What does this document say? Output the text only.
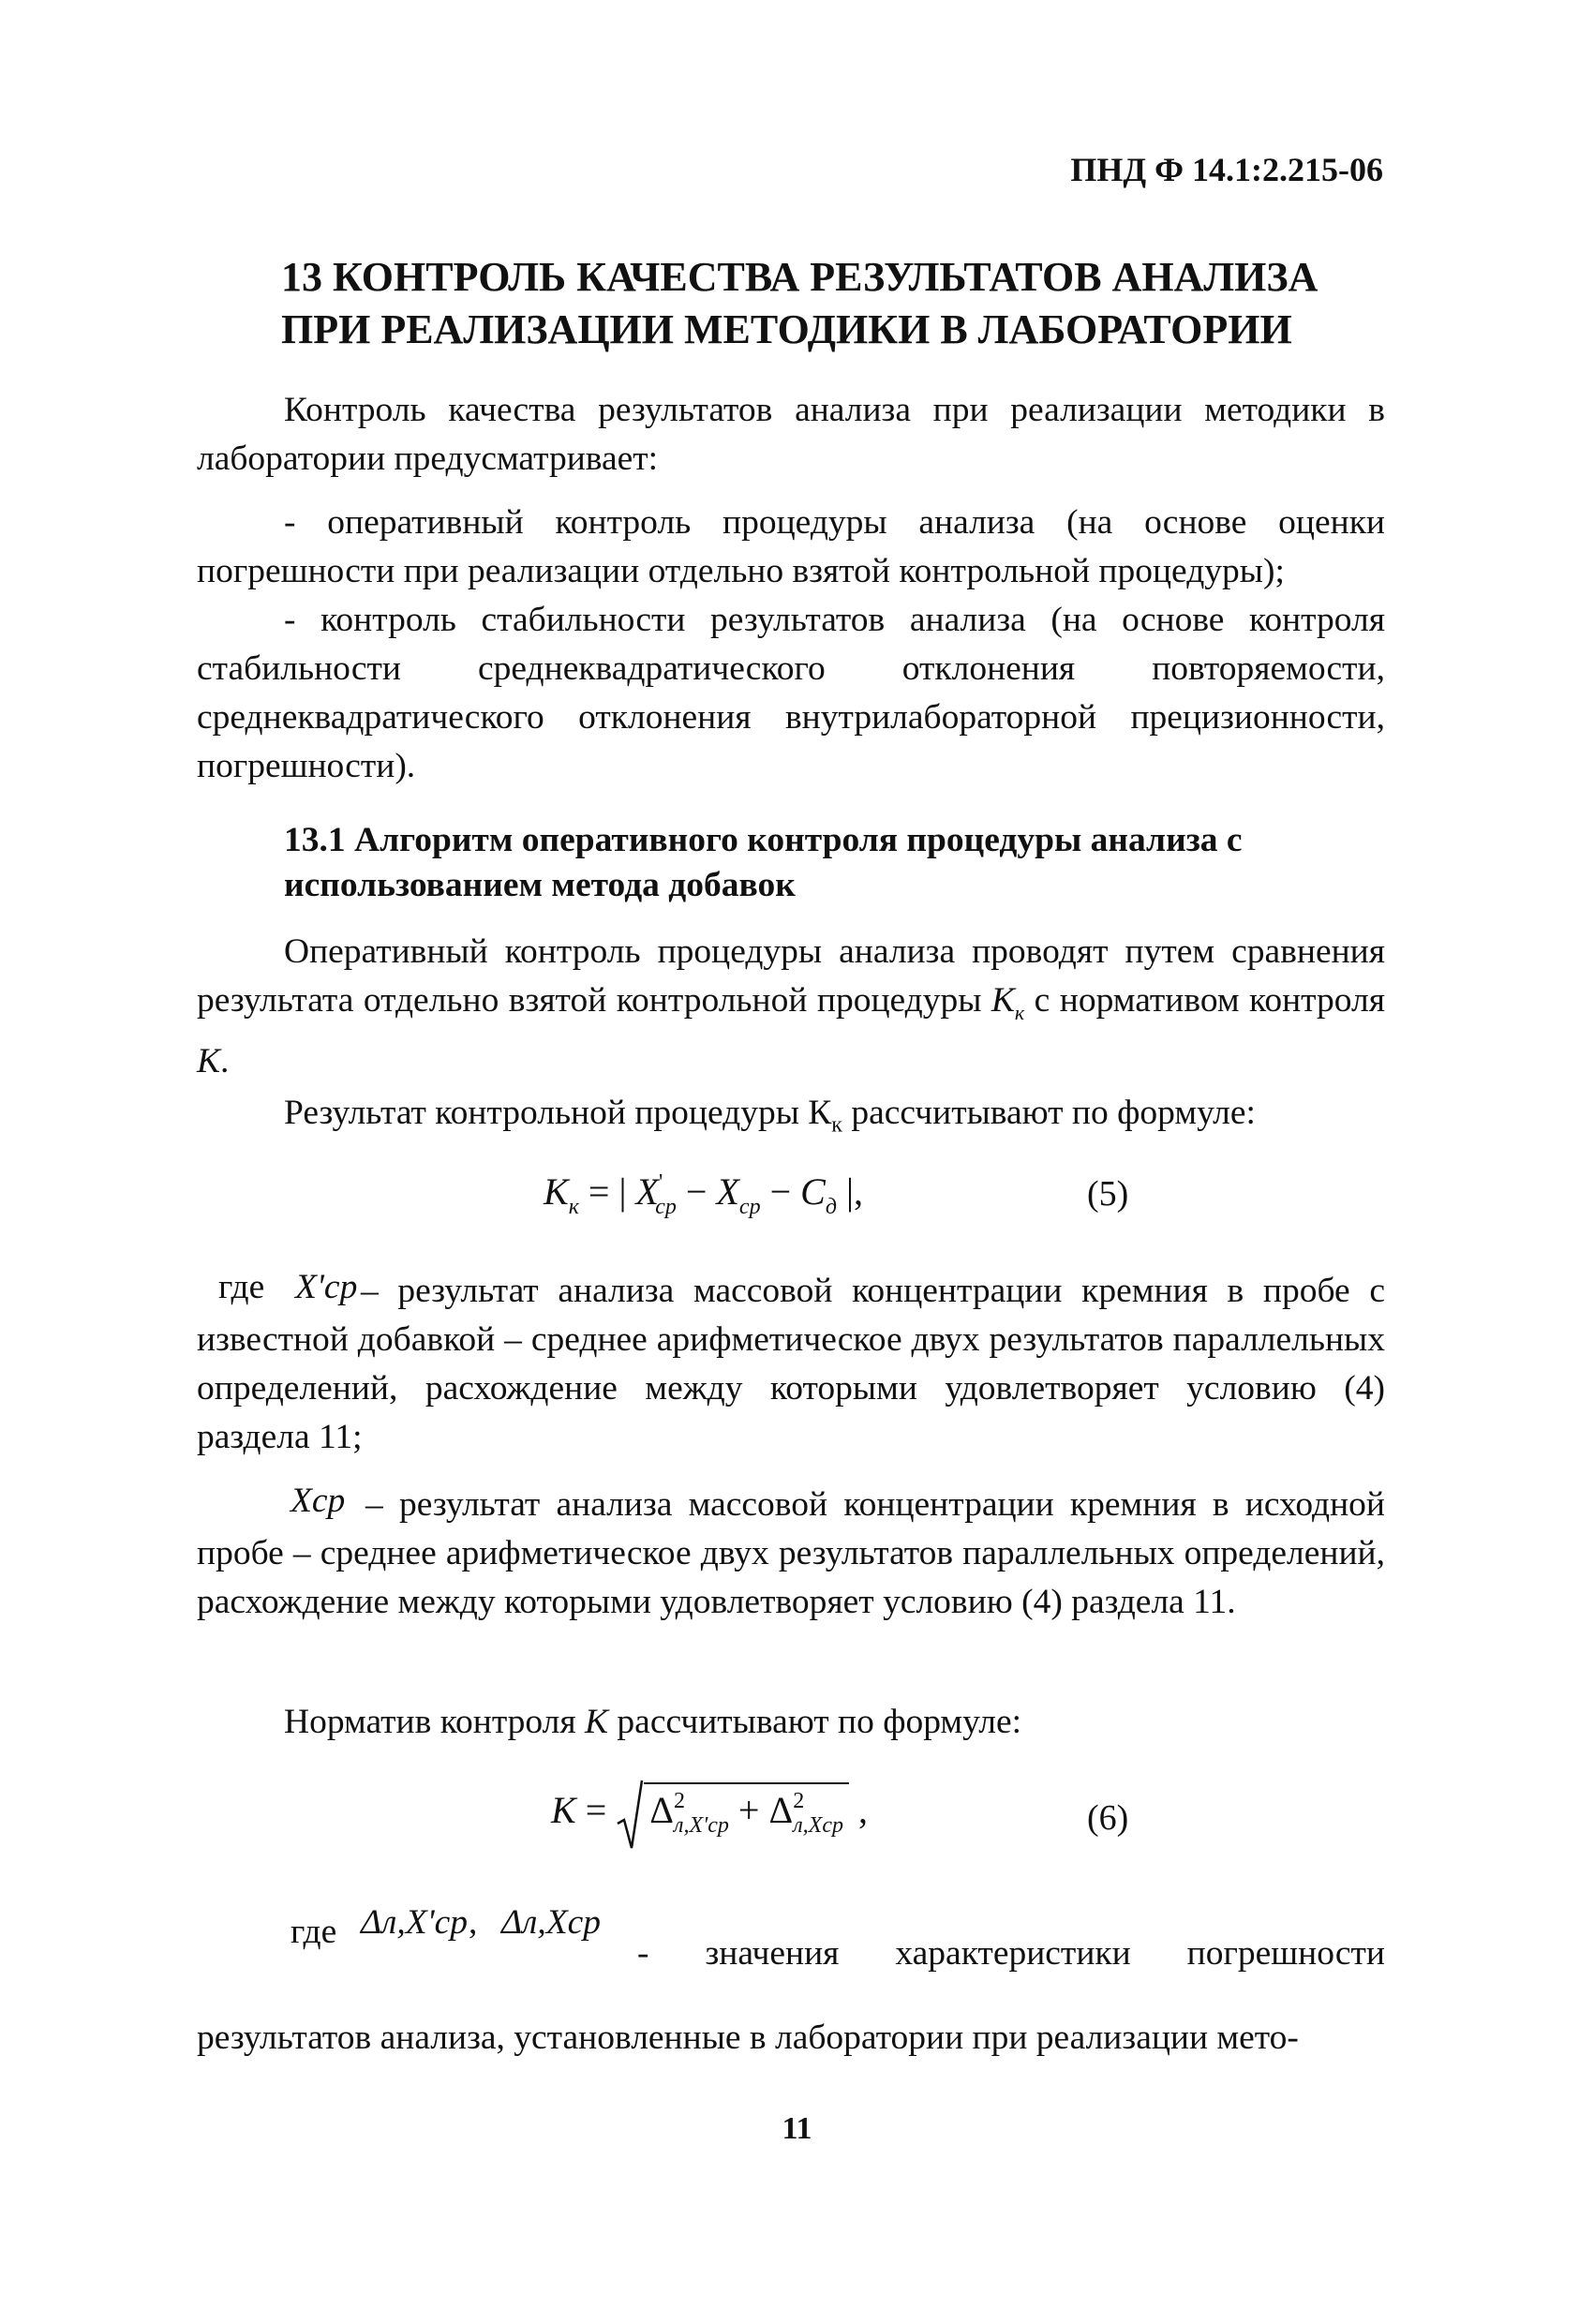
ПНД Ф 14.1:2.215-06
13 КОНТРОЛЬ КАЧЕСТВА РЕЗУЛЬТАТОВ АНАЛИЗА ПРИ РЕАЛИЗАЦИИ МЕТОДИКИ В ЛАБОРАТОРИИ

Контроль качества результатов анализа при реализации методики в лаборатории предусматривает:

- оперативный контроль процедуры анализа (на основе оценки погрешности при реализации отдельно взятой контрольной процедуры);

- контроль стабильности результатов анализа (на основе контроля стабильности среднеквадратического отклонения повторяемости, среднеквадратического отклонения внутрилабораторной прецизионности, погрешности).

13.1 Алгоритм оперативного контроля процедуры анализа с использованием метода добавок

Оперативный контроль процедуры анализа проводят путем сравнения результата отдельно взятой контрольной процедуры $K_к$ с нормативом контроля K.

Результат контрольной процедуры $К_к$ рассчитывают по формуле:

$K_к$ = | $X'_{ср} - X_{ср} - C_д$ |,	(5)
где X'ср – результат анализа массовой концентрации кремния в пробе с известной добавкой – среднее арифметическое двух результатов параллельных определений, расхождение между которыми удовлетворяет условию (4) раздела 11;

Xср – результат анализа массовой концентрации кремния в исходной пробе – среднее арифметическое двух результатов параллельных определений, расхождение между которыми удовлетворяет условию (4) раздела 11.

Норматив контроля K рассчитывают по формуле:

K =
$\Delta^2_{л,X'ср} + \Delta^2_{л,Xср}$ ,	(6)
где Δл,X'ср , Δл,Xср

- значения характеристики погрешности результатов анализа, установленные в лаборатории при реализации мето-

11
